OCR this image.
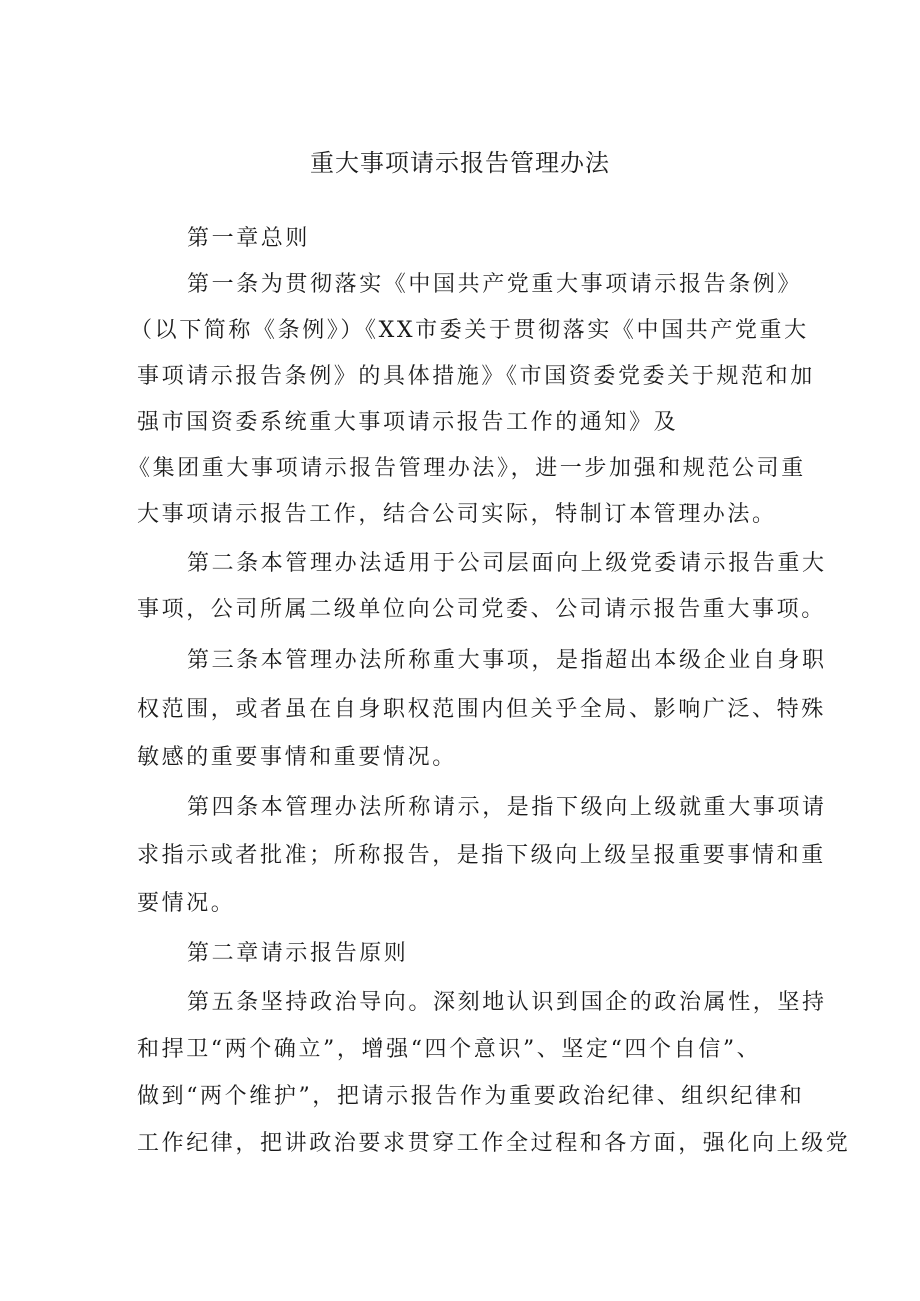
重大事项请示报告管理办法

第一章总则

第一条为贯彻落实《中国共产党重大事项请示报告条例》

（以下简称《条例》）《XX市委关于贯彻落实《中国共产党重大

事项请示报告条例》的具体措施》《市国资委党委关于规范和加

强市国资委系统重大事项请示报告工作的通知》及

《集团重大事项请示报告管理办法》，进一步加强和规范公司重

大事项请示报告工作，结合公司实际，特制订本管理办法。

第二条本管理办法适用于公司层面向上级党委请示报告重大

事项，公司所属二级单位向公司党委、公司请示报告重大事项。

第三条本管理办法所称重大事项，是指超出本级企业自身职

权范围，或者虽在自身职权范围内但关乎全局、影响广泛、特殊

敏感的重要事情和重要情况。

第四条本管理办法所称请示，是指下级向上级就重大事项请

求指示或者批准；所称报告，是指下级向上级呈报重要事情和重

要情况。

第二章请示报告原则

第五条坚持政治导向。深刻地认识到国企的政治属性，坚持

和捍卫“两个确立”，增强“四个意识”、坚定“四个自信”、

做到“两个维护”，把请示报告作为重要政治纪律、组织纪律和

工作纪律，把讲政治要求贯穿工作全过程和各方面，强化向上级党
